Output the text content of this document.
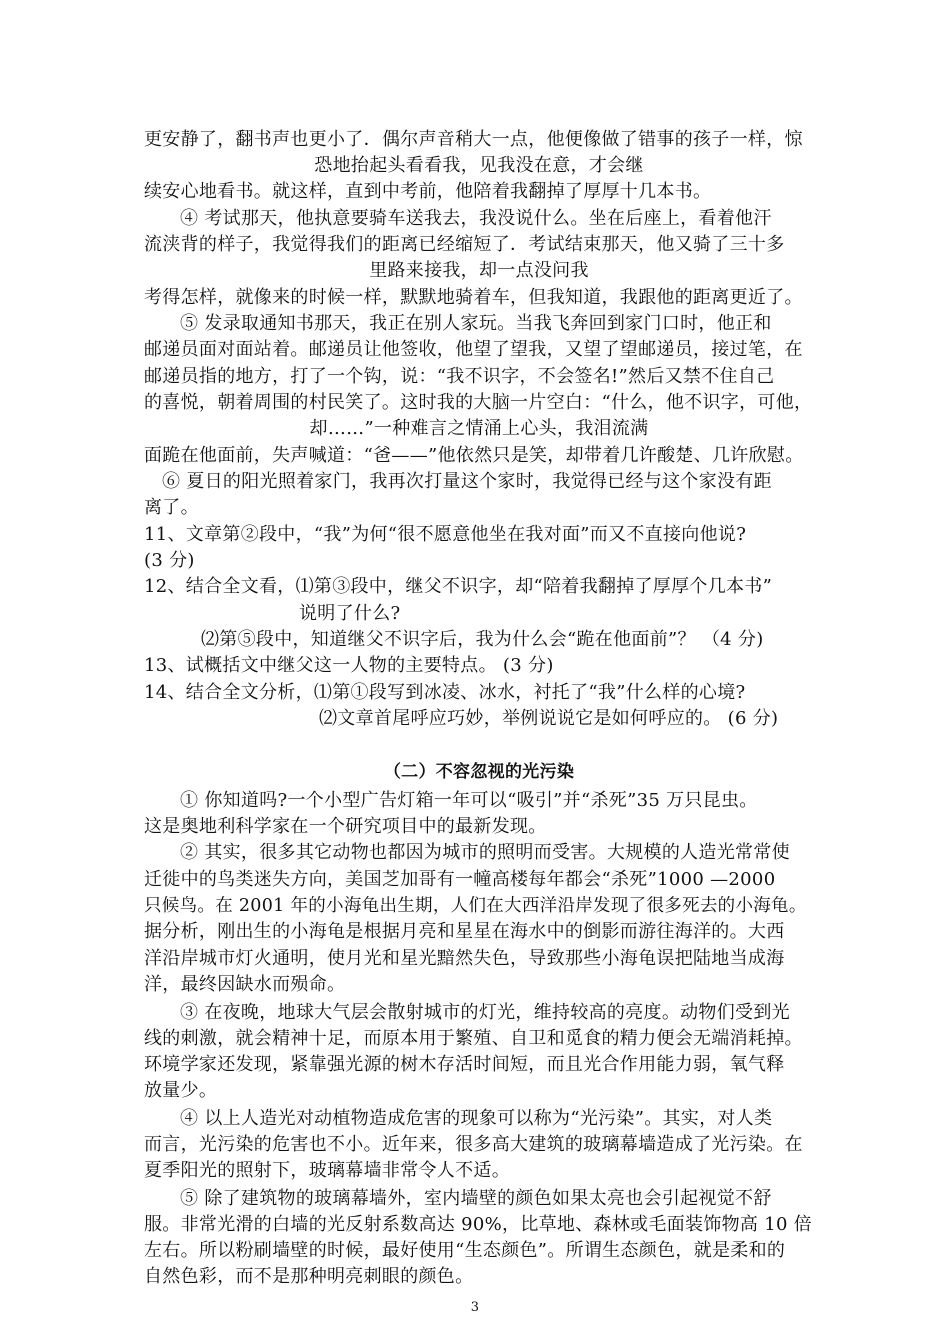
更安静了，翻书声也更小了．偶尔声音稍大一点，他便像做了错事的孩子一样，惊
恐地抬起头看看我，见我没在意，才会继
续安心地看书。就这样，直到中考前，他陪着我翻掉了厚厚十几本书。
④ 考试那天，他执意要骑车送我去，我没说什么。坐在后座上，看着他汗
流浃背的样子，我觉得我们的距离已经缩短了．考试结束那天，他又骑了三十多
里路来接我，却一点没问我
考得怎样，就像来的时候一样，默默地骑着车，但我知道，我跟他的距离更近了。
⑤ 发录取通知书那天，我正在别人家玩。当我飞奔回到家门口时，他正和
邮递员面对面站着。邮递员让他签收，他望了望我，又望了望邮递员，接过笔，在
邮递员指的地方，打了一个钩，说：“我不识字，不会签名!”然后又禁不住自己
的喜悦，朝着周围的村民笑了。这时我的大脑一片空白：“什么，他不识字，可他，
却……”一种难言之情涌上心头，我泪流满
面跪在他面前，失声喊道：“爸——”他依然只是笑，却带着几许酸楚、几许欣慰。
⑥ 夏日的阳光照着家门，我再次打量这个家时，我觉得已经与这个家没有距
离了。
11、文章第②段中，“我”为何“很不愿意他坐在我对面”而又不直接向他说?
(3 分)
12、结合全文看，⑴第③段中，继父不识字，却“陪着我翻掉了厚厚个几本书”
说明了什么?
⑵第⑤段中，知道继父不识字后，我为什么会“跪在他面前”？ （4 分)
13、试概括文中继父这一人物的主要特点。 (3 分)
14、结合全文分析，⑴第①段写到冰凌、冰水，衬托了“我”什么样的心境?
⑵文章首尾呼应巧妙，举例说说它是如何呼应的。 (6 分)
（二）不容忽视的光污染
① 你知道吗?一个小型广告灯箱一年可以“吸引”并“杀死”35 万只昆虫。
这是奥地利科学家在一个研究项目中的最新发现。
② 其实，很多其它动物也都因为城市的照明而受害。大规模的人造光常常使
迁徙中的鸟类迷失方向，美国芝加哥有一幢高楼每年都会“杀死”1000 —2000
只候鸟。在 2001 年的小海龟出生期，人们在大西洋沿岸发现了很多死去的小海龟。
据分析，刚出生的小海龟是根据月亮和星星在海水中的倒影而游往海洋的。大西
洋沿岸城市灯火通明，使月光和星光黯然失色，导致那些小海龟误把陆地当成海
洋，最终因缺水而殒命。
③ 在夜晚，地球大气层会散射城市的灯光，维持较高的亮度。动物们受到光
线的刺激，就会精神十足，而原本用于繁殖、自卫和觅食的精力便会无端消耗掉。
环境学家还发现，紧靠强光源的树木存活时间短，而且光合作用能力弱，氧气释
放量少。
④ 以上人造光对动植物造成危害的现象可以称为“光污染”。其实，对人类
而言，光污染的危害也不小。近年来，很多高大建筑的玻璃幕墙造成了光污染。在
夏季阳光的照射下，玻璃幕墙非常令人不适。
⑤ 除了建筑物的玻璃幕墙外，室内墙壁的颜色如果太亮也会引起视觉不舒
服。非常光滑的白墙的光反射系数高达 90%，比草地、森林或毛面装饰物高 10 倍
左右。所以粉刷墙壁的时候，最好使用“生态颜色”。所谓生态颜色，就是柔和的
自然色彩，而不是那种明亮刺眼的颜色。
3
